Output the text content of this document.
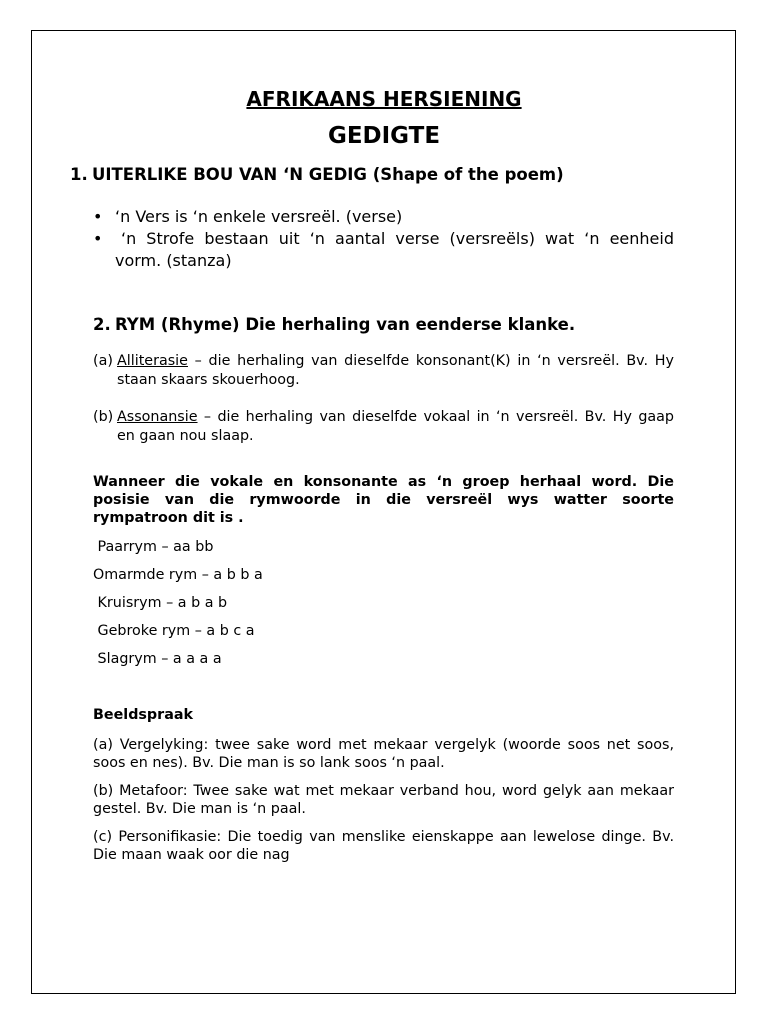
AFRIKAANS HERSIENING
GEDIGTE
1. UITERLIKE BOU VAN ‘N GEDIG (Shape of the poem)
• ‘n Vers is ‘n enkele versreël. (verse)
•	‘n Strofe bestaan uit ‘n aantal verse (versreëls) wat ‘n eenheid vorm. (stanza)
2. RYM (Rhyme) Die herhaling van eenderse klanke.
(a) Alliterasie – die herhaling van dieselfde konsonant(K) in ‘n versreël. Bv. Hy staan skaars skouerhoog.
(b) Assonansie – die herhaling van dieselfde vokaal in ‘n versreël. Bv. Hy gaap en gaan nou slaap.
Wanneer die vokale en konsonante as ‘n groep herhaal word. Die posisie van die rymwoorde in die versreël wys watter soorte rympatroon dit is .
Paarrym – aa bb
Omarmde rym – a b b a
Kruisrym – a b a b
Gebroke rym – a b c a
Slagrym – a a a a
Beeldspraak
(a) Vergelyking: twee sake word met mekaar vergelyk (woorde soos net soos, soos en nes). Bv. Die man is so lank soos ‘n paal.
(b) Metafoor: Twee sake wat met mekaar verband hou, word gelyk aan mekaar gestel. Bv. Die man is ‘n paal.
(c) Personifikasie: Die toedig van menslike eienskappe aan lewelose dinge. Bv. Die maan waak oor die nag
